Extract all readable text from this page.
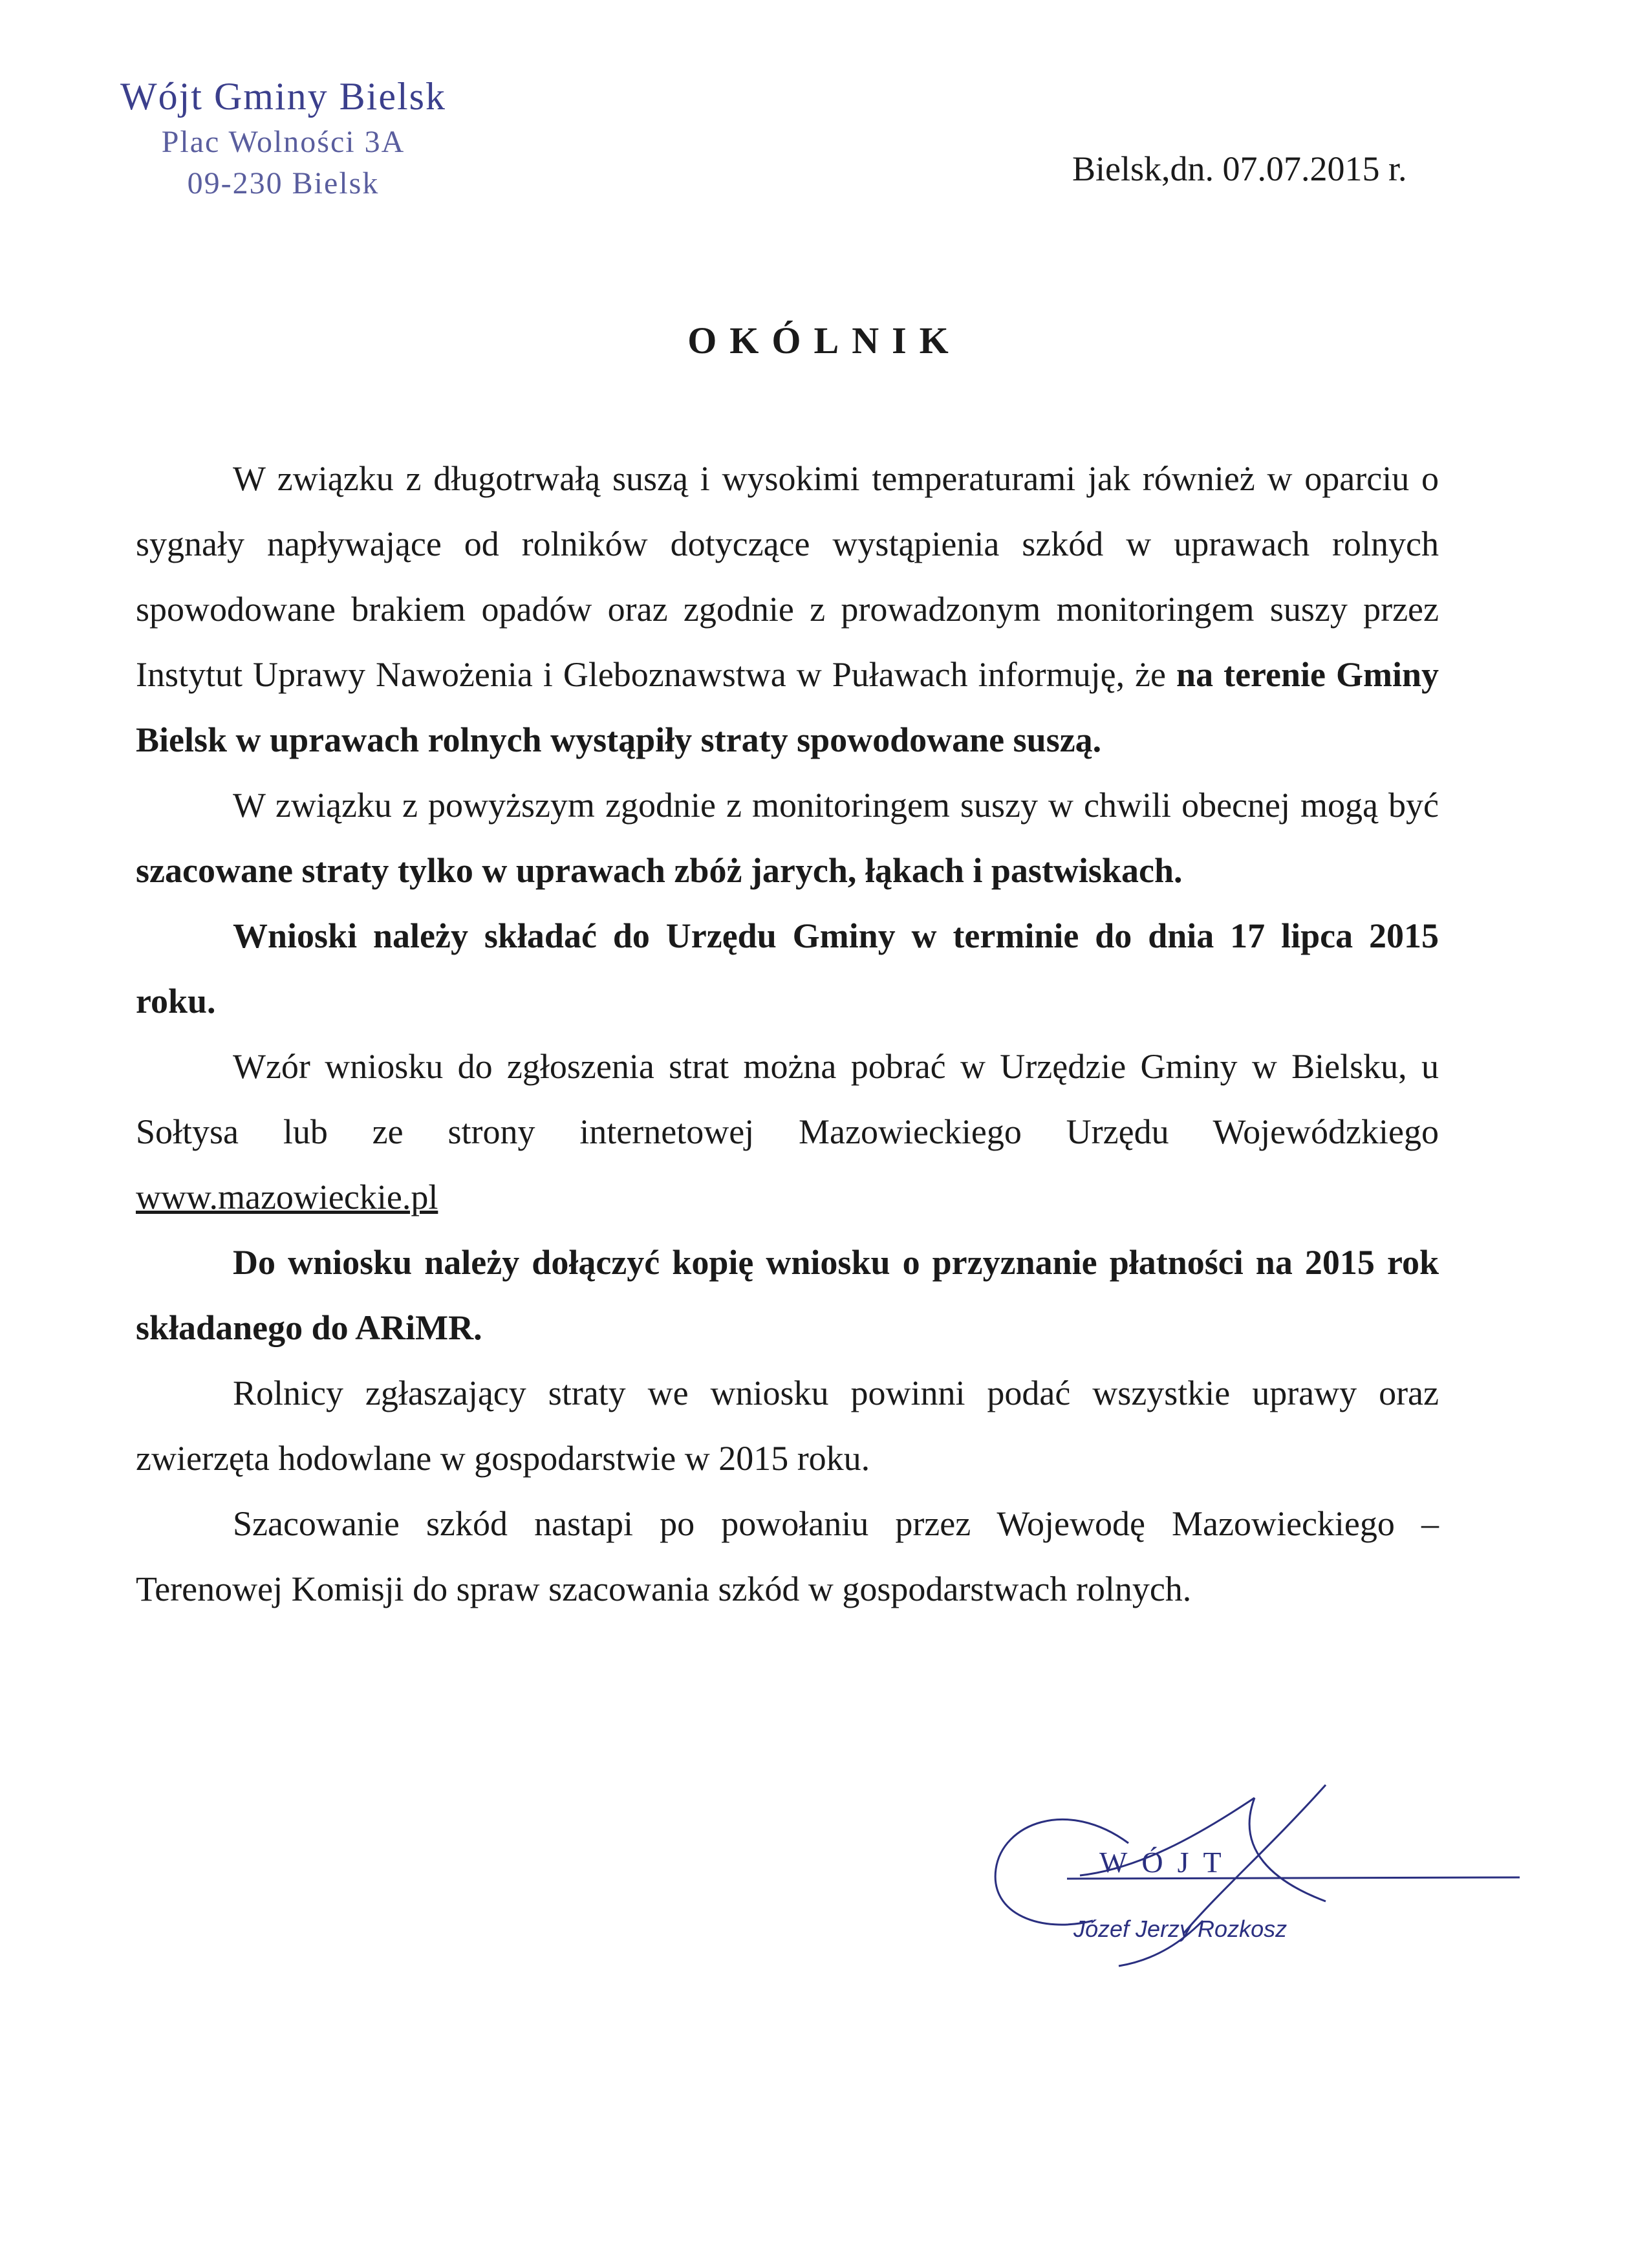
Wójt Gminy Bielsk
Plac Wolności 3A
09-230 Bielsk	Bielsk,dn. 07.07.2015 r.
OKÓLNIK

W związku z długotrwałą suszą i wysokimi temperaturami jak również w oparciu o sygnały napływające od rolników dotyczące wystąpienia szkód w uprawach rolnych spowodowane brakiem opadów oraz zgodnie z prowadzonym monitoringem suszy przez Instytut Uprawy Nawożenia i Gleboznawstwa w Puławach informuję, że na terenie Gminy Bielsk w uprawach rolnych wystąpiły straty spowodowane suszą.

W związku z powyższym zgodnie z monitoringem suszy w chwili obecnej mogą być szacowane straty tylko w uprawach zbóż jarych, łąkach i pastwiskach.

Wnioski należy składać do Urzędu Gminy w terminie do dnia 17 lipca 2015 roku.

Wzór wniosku do zgłoszenia strat można pobrać w Urzędzie Gminy w Bielsku, u Sołtysa lub ze strony internetowej Mazowieckiego Urzędu Wojewódzkiego www.mazowieckie.pl

Do wniosku należy dołączyć kopię wniosku o przyznanie płatności na 2015 rok składanego do ARiMR.

Rolnicy zgłaszający straty we wniosku powinni podać wszystkie uprawy oraz zwierzęta hodowlane w gospodarstwie w 2015 roku.

Szacowanie szkód nastapi po powołaniu przez Wojewodę Mazowieckiego – Terenowej Komisji do spraw szacowania szkód w gospodarstwach rolnych.

WÓJT
Józef Jerzy Rozkosz
